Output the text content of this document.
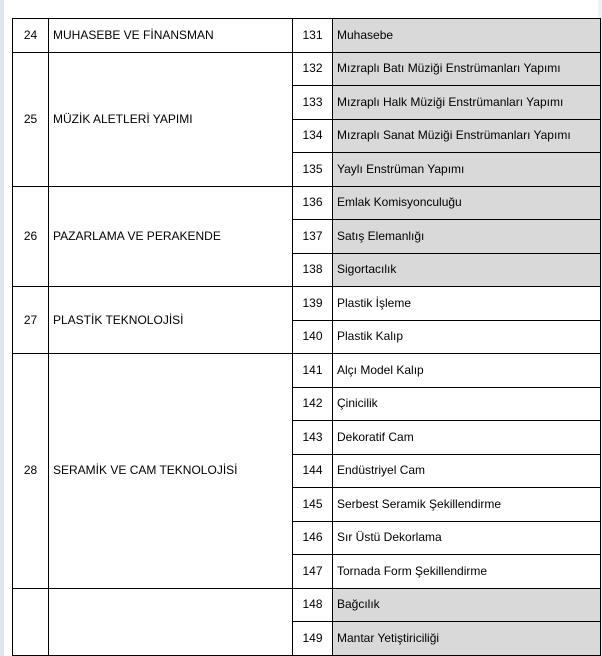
24	MUHASEBE VE FİNANSMAN	131	Muhasebe
25	MÜZİK ALETLERİ YAPIMI	132	Mızraplı Batı Müziği Enstrümanları Yapımı
		133	Mızraplı Halk Müziği Enstrümanları Yapımı
		134	Mızraplı Sanat Müziği Enstrümanları Yapımı
		135	Yaylı Enstrüman Yapımı
26	PAZARLAMA VE PERAKENDE	136	Emlak Komisyonculuğu
		137	Satış Elemanlığı
		138	Sigortacılık
27	PLASTİK TEKNOLOJİSİ	139	Plastik İşleme
		140	Plastik Kalıp
28	SERAMİK VE CAM TEKNOLOJİSİ	141	Alçı Model Kalıp
		142	Çinicilik
		143	Dekoratif Cam
		144	Endüstriyel Cam
		145	Serbest Seramik Şekillendirme
		146	Sır Üstü Dekorlama
		147	Tornada Form Şekillendirme
		148	Bağcılık
		149	Mantar Yetiştiriciliği
